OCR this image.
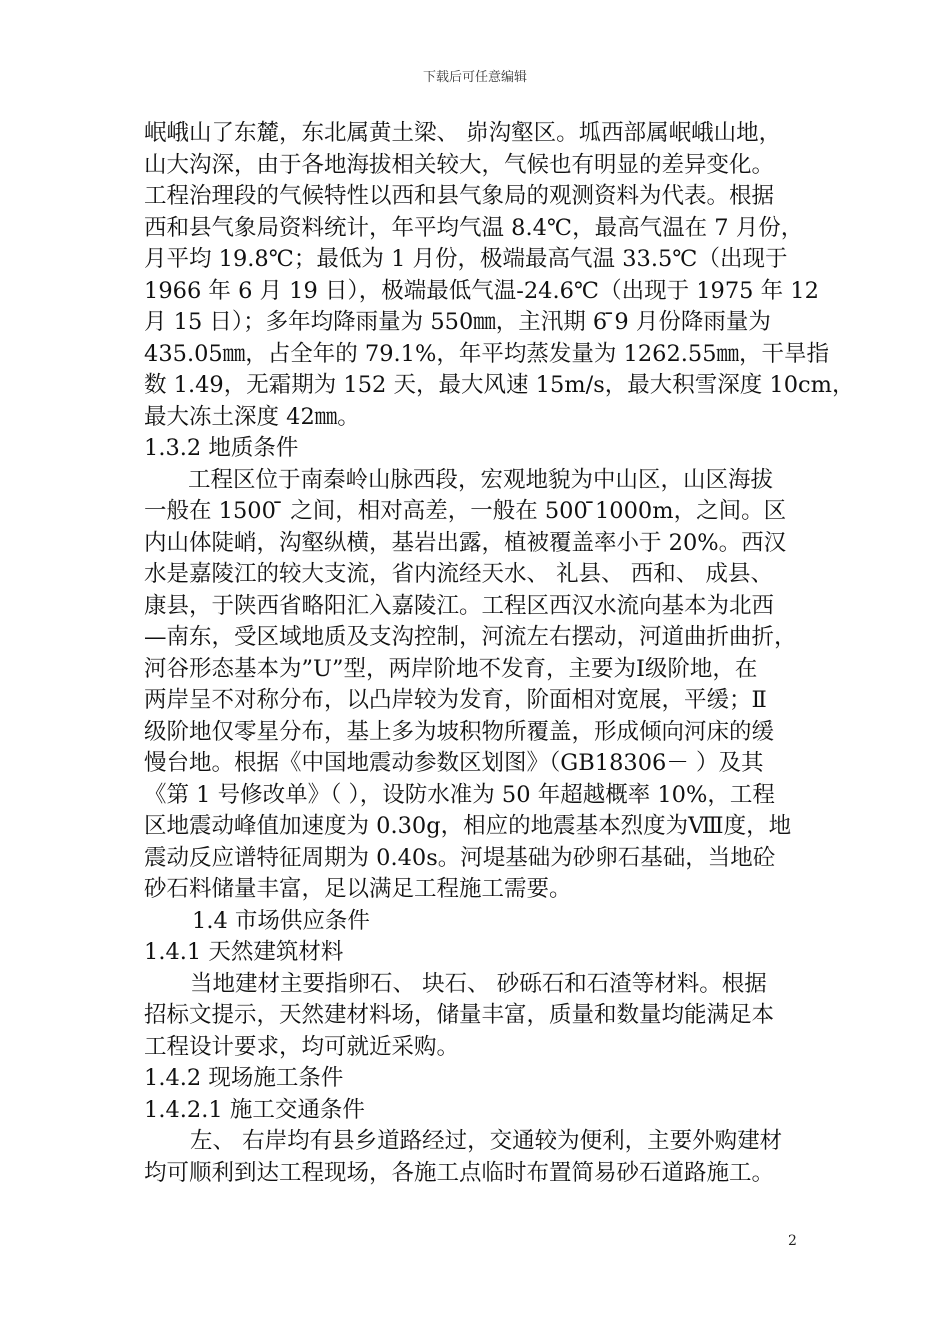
下载后可任意编辑
岷峨山了东麓，东北属黄土梁、 峁沟壑区。坬西部属岷峨山地，
山大沟深，由于各地海拔相关较大，气候也有明显的差异变化。
工程治理段的气候特性以西和县气象局的观测资料为代表。根据
西和县气象局资料统计，年平均气温 8.4℃，最高气温在 7 月份，
月平均 19.8℃；最低为 1 月份，极端最高气温 33.5℃（出现于
1966 年 6 月 19 日），极端最低气温-24.6℃（出现于 1975 年 12
月 15 日）；多年均降雨量为 550㎜，主汛期 6 ̄9 月份降雨量为
435.05㎜，占全年的 79.1%，年平均蒸发量为 1262.55㎜，干旱指
数 1.49，无霜期为 152 天，最大风速 15m/s，最大积雪深度 10cm，
最大冻土深度 42㎜。
1.3.2 地质条件
工程区位于南秦岭山脉西段，宏观地貌为中山区，山区海拔
一般在 1500 ̄ 之间，相对高差，一般在 500 ̄1000m，之间。区
内山体陡峭，沟壑纵横，基岩出露，植被覆盖率小于 20%。西汉
水是嘉陵江的较大支流，省内流经天水、 礼县、 西和、 成县、
康县，于陕西省略阳汇入嘉陵江。工程区西汉水流向基本为北西
—南东，受区域地质及支沟控制，河流左右摆动，河道曲折曲折，
河谷形态基本为”U”型，两岸阶地不发育，主要为Ⅰ级阶地，在
两岸呈不对称分布，以凸岸较为发育，阶面相对宽展，平缓；Ⅱ
级阶地仅零星分布，基上多为坡积物所覆盖，形成倾向河床的缓
慢台地。根据《中国地震动参数区划图》（GB18306－ ）及其
《第 1 号修改单》（ ），设防水准为 50 年超越概率 10%，工程
区地震动峰值加速度为 0.30g，相应的地震基本烈度为Ⅷ度，地
震动反应谱特征周期为 0.40s。河堤基础为砂卵石基础，当地砼
砂石料储量丰富，足以满足工程施工需要。
1.4 市场供应条件
1.4.1 天然建筑材料
当地建材主要指卵石、 块石、 砂砾石和石渣等材料。根据
招标文提示，天然建材料场，储量丰富，质量和数量均能满足本
工程设计要求，均可就近采购。
1.4.2 现场施工条件
1.4.2.1 施工交通条件
左、 右岸均有县乡道路经过，交通较为便利，主要外购建材
均可顺利到达工程现场，各施工点临时布置简易砂石道路施工。
2
